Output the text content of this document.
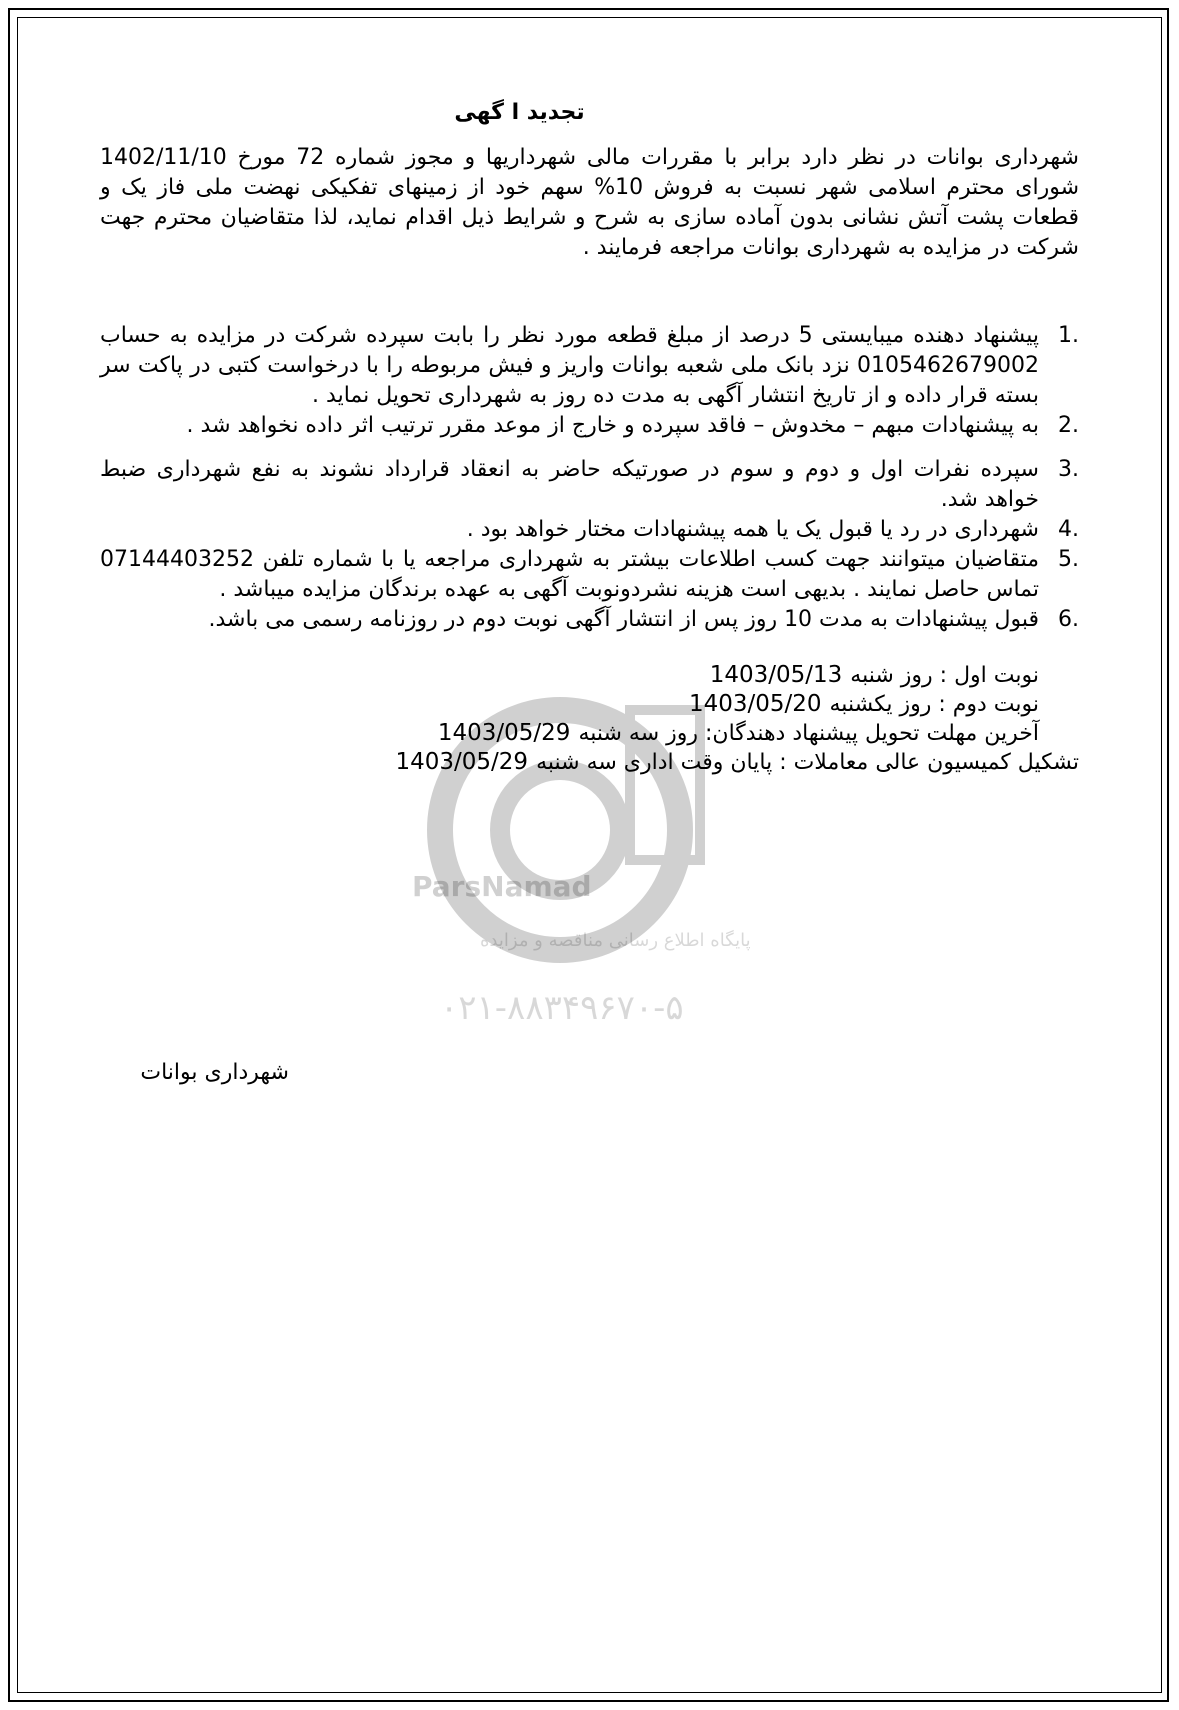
ParsNamad
پایگاه اطلاع رسانی مناقصه و مزایده
۰۲۱-۸۸۳۴۹۶۷۰-۵
تجدید ا گهی

شهرداری بوانات در نظر دارد برابر با مقررات مالی شهرداریها و مجوز شماره 72 مورخ 1402/11/10 شورای محترم اسلامی شهر نسبت به فروش 10% سهم خود از زمینهای تفکیکی نهضت ملی فاز یک و قطعات پشت آتش نشانی بدون آماده سازی به شرح و شرایط ذیل اقدام نماید، لذا متقاضیان محترم جهت شرکت در مزایده به شهرداری بوانات مراجعه فرمایند .

1.
پیشنهاد دهنده میبایستی 5 درصد از مبلغ قطعه مورد نظر را بابت سپرده شرکت در مزایده به حساب 0105462679002 نزد بانک ملی شعبه بوانات واریز و فیش مربوطه را با درخواست کتبی در پاکت سر بسته قرار داده و از تاریخ انتشار آگهی به مدت ده روز به شهرداری تحویل نماید .
2.
به پیشنهادات مبهم – مخدوش – فاقد سپرده و خارج از موعد مقرر ترتیب اثر داده نخواهد شد .
3.
سپرده نفرات اول و دوم و سوم در صورتیکه حاضر به انعقاد قرارداد نشوند به نفع شهرداری ضبط خواهد شد.
4.
شهرداری در رد یا قبول یک یا همه پیشنهادات مختار خواهد بود .
5.
متقاضیان میتوانند جهت کسب اطلاعات بیشتر به شهرداری مراجعه یا با شماره تلفن 07144403252 تماس حاصل نمایند . بدیهی است هزینه نشردونوبت آگهی به عهده برندگان مزایده میباشد .
6.
قبول پیشنهادات به مدت 10 روز پس از انتشار آگهی نوبت دوم در روزنامه رسمی می باشد.
نوبت اول : روز شنبه
1403/05/13
نوبت دوم : روز یکشنبه
1403/05/20
آخرین مهلت تحویل پیشنهاد دهندگان: روز سه شنبه
1403/05/29
تشکیل کمیسیون عالی معاملات : پایان وقت اداری سه شنبه
1403/05/29
شهرداری بوانات
